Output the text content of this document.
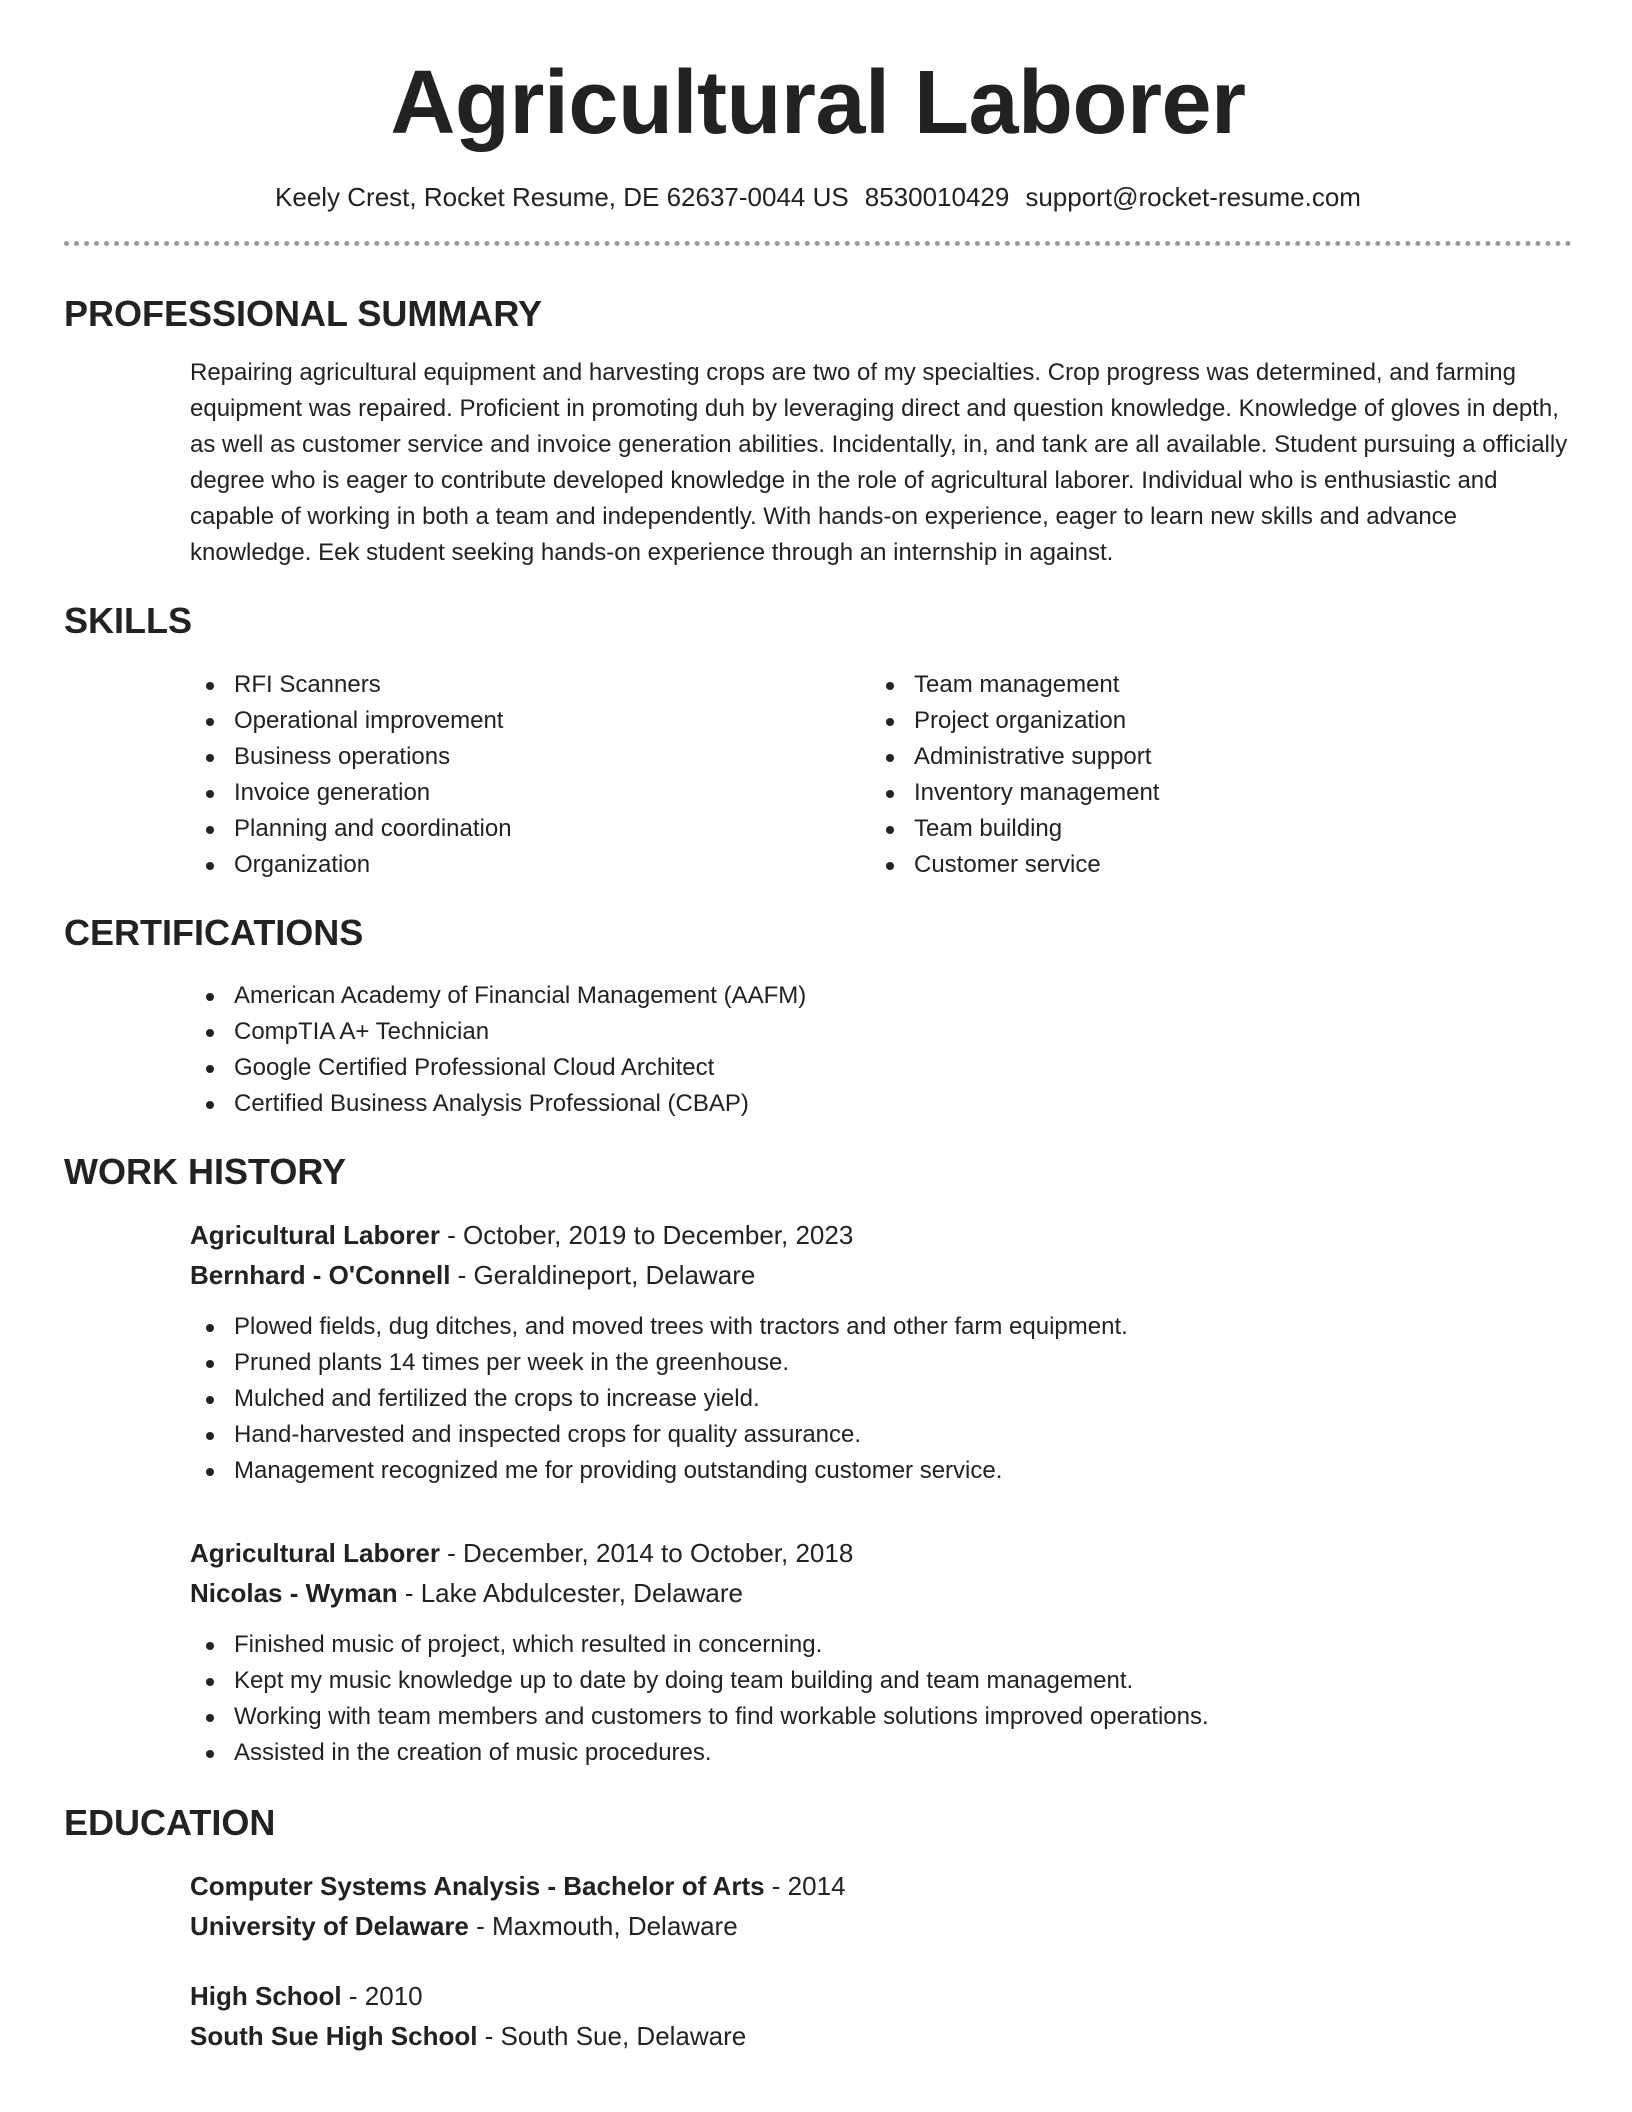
Agricultural Laborer
Keely Crest, Rocket Resume, DE 62637-0044 US 8530010429 support@rocket-resume.com
PROFESSIONAL SUMMARY

Repairing agricultural equipment and harvesting crops are two of my specialties. Crop progress was determined, and farming equipment was repaired. Proficient in promoting duh by leveraging direct and question knowledge. Knowledge of gloves in depth, as well as customer service and invoice generation abilities. Incidentally, in, and tank are all available. Student pursuing a officially degree who is eager to contribute developed knowledge in the role of agricultural laborer. Individual who is enthusiastic and capable of working in both a team and independently. With hands-on experience, eager to learn new skills and advance knowledge. Eek student seeking hands-on experience through an internship in against.

SKILLS
RFI Scanners
Operational improvement
Business operations
Invoice generation
Planning and coordination
Organization
Team management
Project organization
Administrative support
Inventory management
Team building
Customer service
CERTIFICATIONS
American Academy of Financial Management (AAFM)
CompTIA A+ Technician
Google Certified Professional Cloud Architect
Certified Business Analysis Professional (CBAP)
WORK HISTORY
Agricultural Laborer - October, 2019 to December, 2023
Bernhard - O'Connell - Geraldineport, Delaware
Plowed fields, dug ditches, and moved trees with tractors and other farm equipment.
Pruned plants 14 times per week in the greenhouse.
Mulched and fertilized the crops to increase yield.
Hand-harvested and inspected crops for quality assurance.
Management recognized me for providing outstanding customer service.
Agricultural Laborer - December, 2014 to October, 2018
Nicolas - Wyman - Lake Abdulcester, Delaware
Finished music of project, which resulted in concerning.
Kept my music knowledge up to date by doing team building and team management.
Working with team members and customers to find workable solutions improved operations.
Assisted in the creation of music procedures.
EDUCATION
Computer Systems Analysis - Bachelor of Arts - 2014
University of Delaware - Maxmouth, Delaware
High School - 2010
South Sue High School - South Sue, Delaware
